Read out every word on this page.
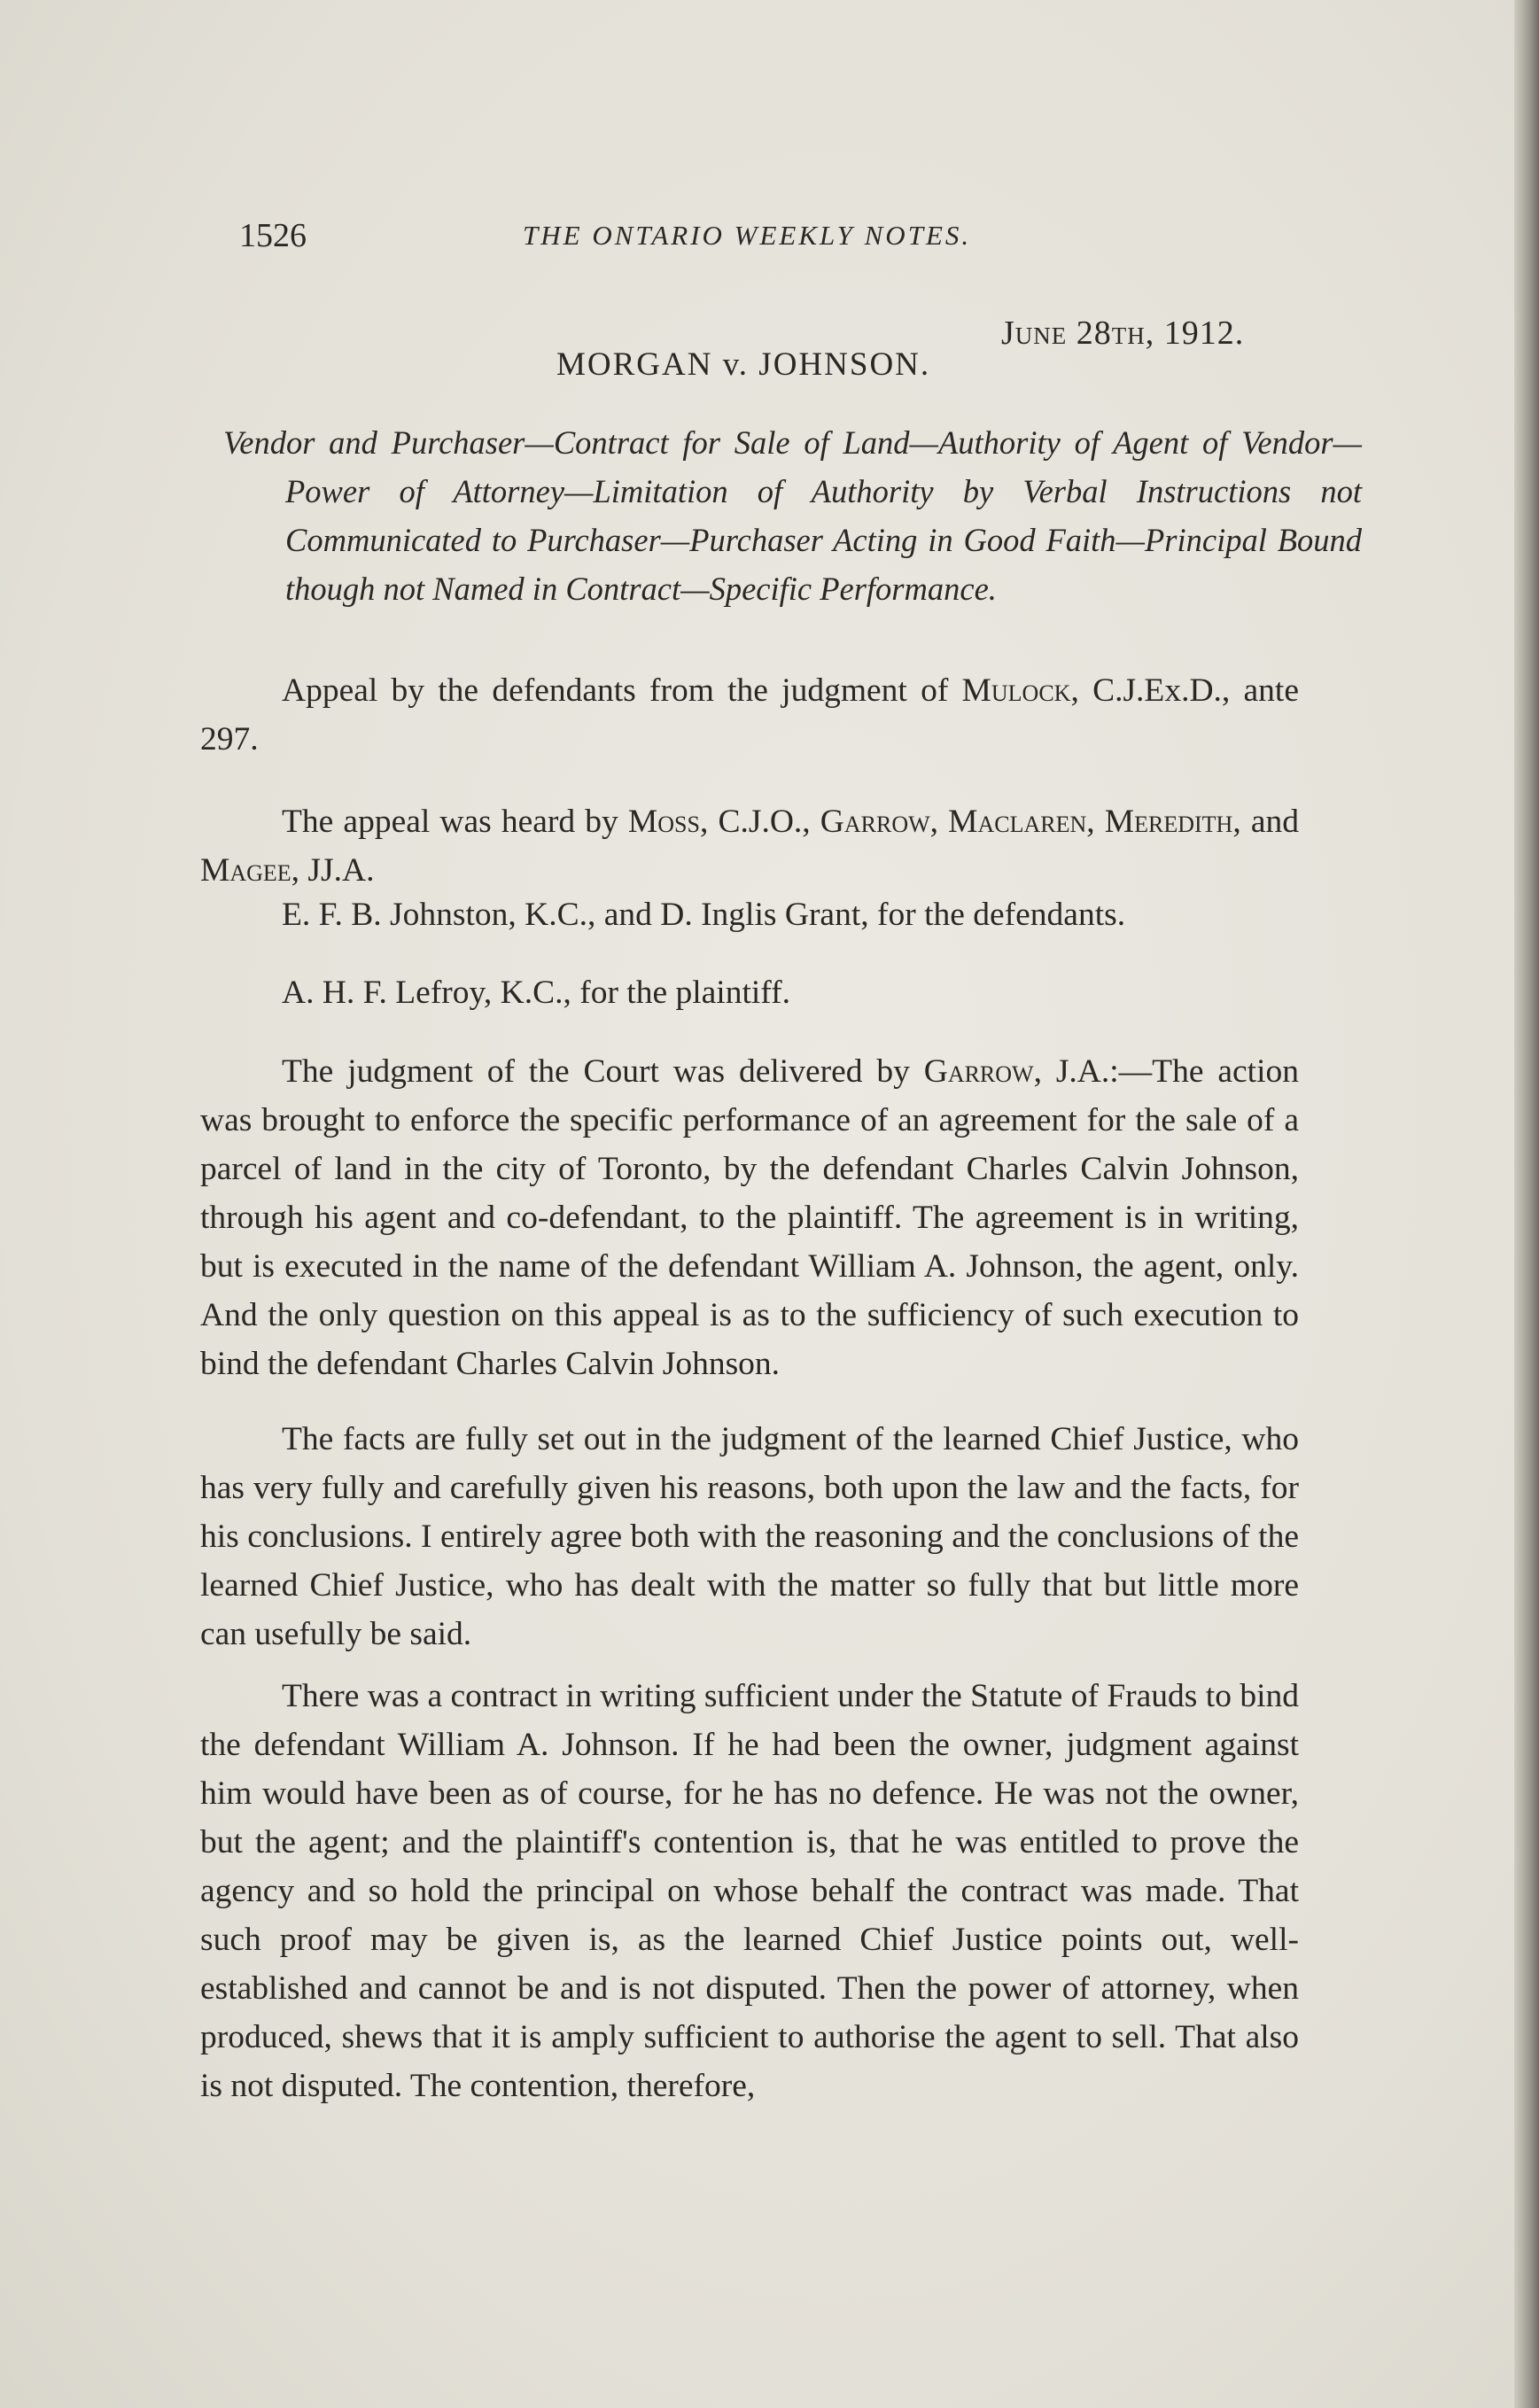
1526	THE ONTARIO WEEKLY NOTES.
June 28th, 1912.
MORGAN v. JOHNSON.
Vendor and Purchaser—Contract for Sale of Land—Authority of Agent of Vendor—Power of Attorney—Limitation of Authority by Verbal Instructions not Communicated to Purchaser—Purchaser Acting in Good Faith—Principal Bound though not Named in Contract—Specific Performance.

Appeal by the defendants from the judgment of Mulock, C.J.Ex.D., ante 297.

The appeal was heard by Moss, C.J.O., Garrow, Maclaren, Meredith, and Magee, JJ.A.

E. F. B. Johnston, K.C., and D. Inglis Grant, for the defendants.

A. H. F. Lefroy, K.C., for the plaintiff.

The judgment of the Court was delivered by Garrow, J.A.:—The action was brought to enforce the specific performance of an agreement for the sale of a parcel of land in the city of Toronto, by the defendant Charles Calvin Johnson, through his agent and co-defendant, to the plaintiff. The agreement is in writing, but is executed in the name of the defendant William A. Johnson, the agent, only. And the only question on this appeal is as to the sufficiency of such execution to bind the defendant Charles Calvin Johnson.

The facts are fully set out in the judgment of the learned Chief Justice, who has very fully and carefully given his reasons, both upon the law and the facts, for his conclusions. I entirely agree both with the reasoning and the conclusions of the learned Chief Justice, who has dealt with the matter so fully that but little more can usefully be said.

There was a contract in writing sufficient under the Statute of Frauds to bind the defendant William A. Johnson. If he had been the owner, judgment against him would have been as of course, for he has no defence. He was not the owner, but the agent; and the plaintiff's contention is, that he was entitled to prove the agency and so hold the principal on whose behalf the contract was made. That such proof may be given is, as the learned Chief Justice points out, well-established and cannot be and is not disputed. Then the power of attorney, when produced, shews that it is amply sufficient to authorise the agent to sell. That also is not disputed. The contention, therefore,
